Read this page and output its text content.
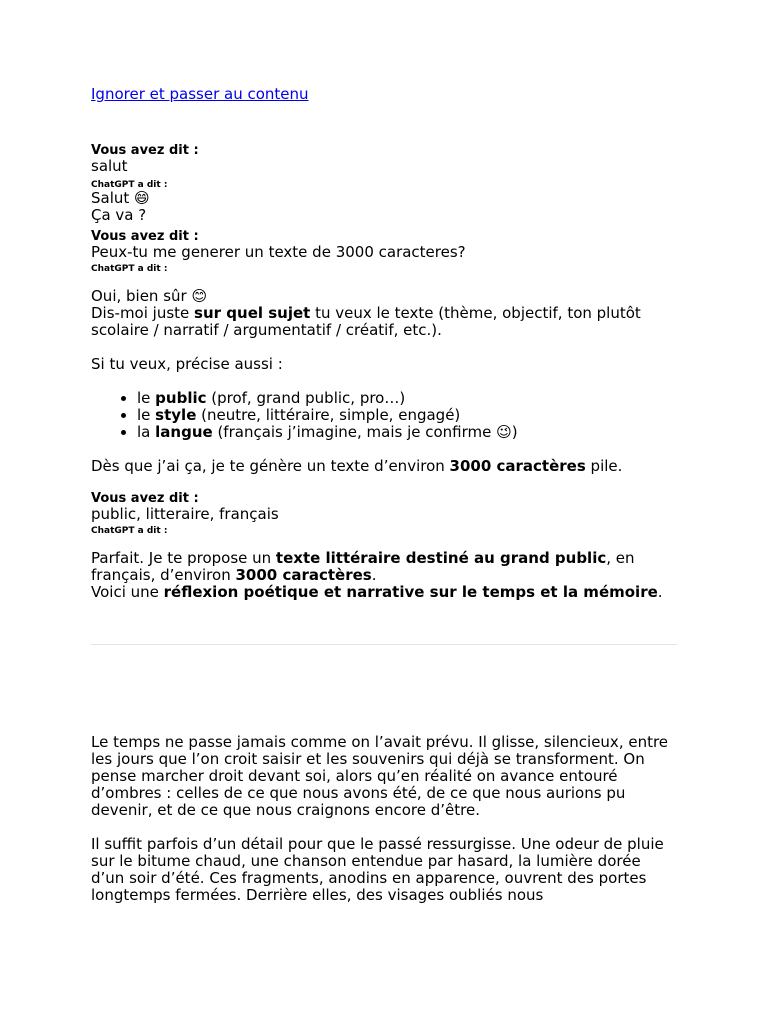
Ignorer et passer au contenu
Vous avez dit :

salut

ChatGPT a dit :

Salut 😄

Ça va ?

Vous avez dit :

Peux-tu me generer un texte de 3000 caracteres?

ChatGPT a dit :

Oui, bien sûr 😊

Dis-moi juste sur quel sujet tu veux le texte (thème, objectif, ton plutôt scolaire / narratif / argumentatif / créatif, etc.).

Si tu veux, précise aussi :

• le public (prof, grand public, pro…)
• le style (neutre, littéraire, simple, engagé)
• la langue (français j’imagine, mais je confirme 😉)

Dès que j’ai ça, je te génère un texte d’environ 3000 caractères pile.

Vous avez dit :

public, litteraire, français

ChatGPT a dit :

Parfait. Je te propose un texte littéraire destiné au grand public, en français, d’environ 3000 caractères.

Voici une réflexion poétique et narrative sur le temps et la mémoire.

Le temps ne passe jamais comme on l’avait prévu. Il glisse, silencieux, entre les jours que l’on croit saisir et les souvenirs qui déjà se transforment. On pense marcher droit devant soi, alors qu’en réalité on avance entouré d’ombres : celles de ce que nous avons été, de ce que nous aurions pu devenir, et de ce que nous craignons encore d’être.

Il suffit parfois d’un détail pour que le passé ressurgisse. Une odeur de pluie sur le bitume chaud, une chanson entendue par hasard, la lumière dorée d’un soir d’été. Ces fragments, anodins en apparence, ouvrent des portes longtemps fermées. Derrière elles, des visages oubliés nous
